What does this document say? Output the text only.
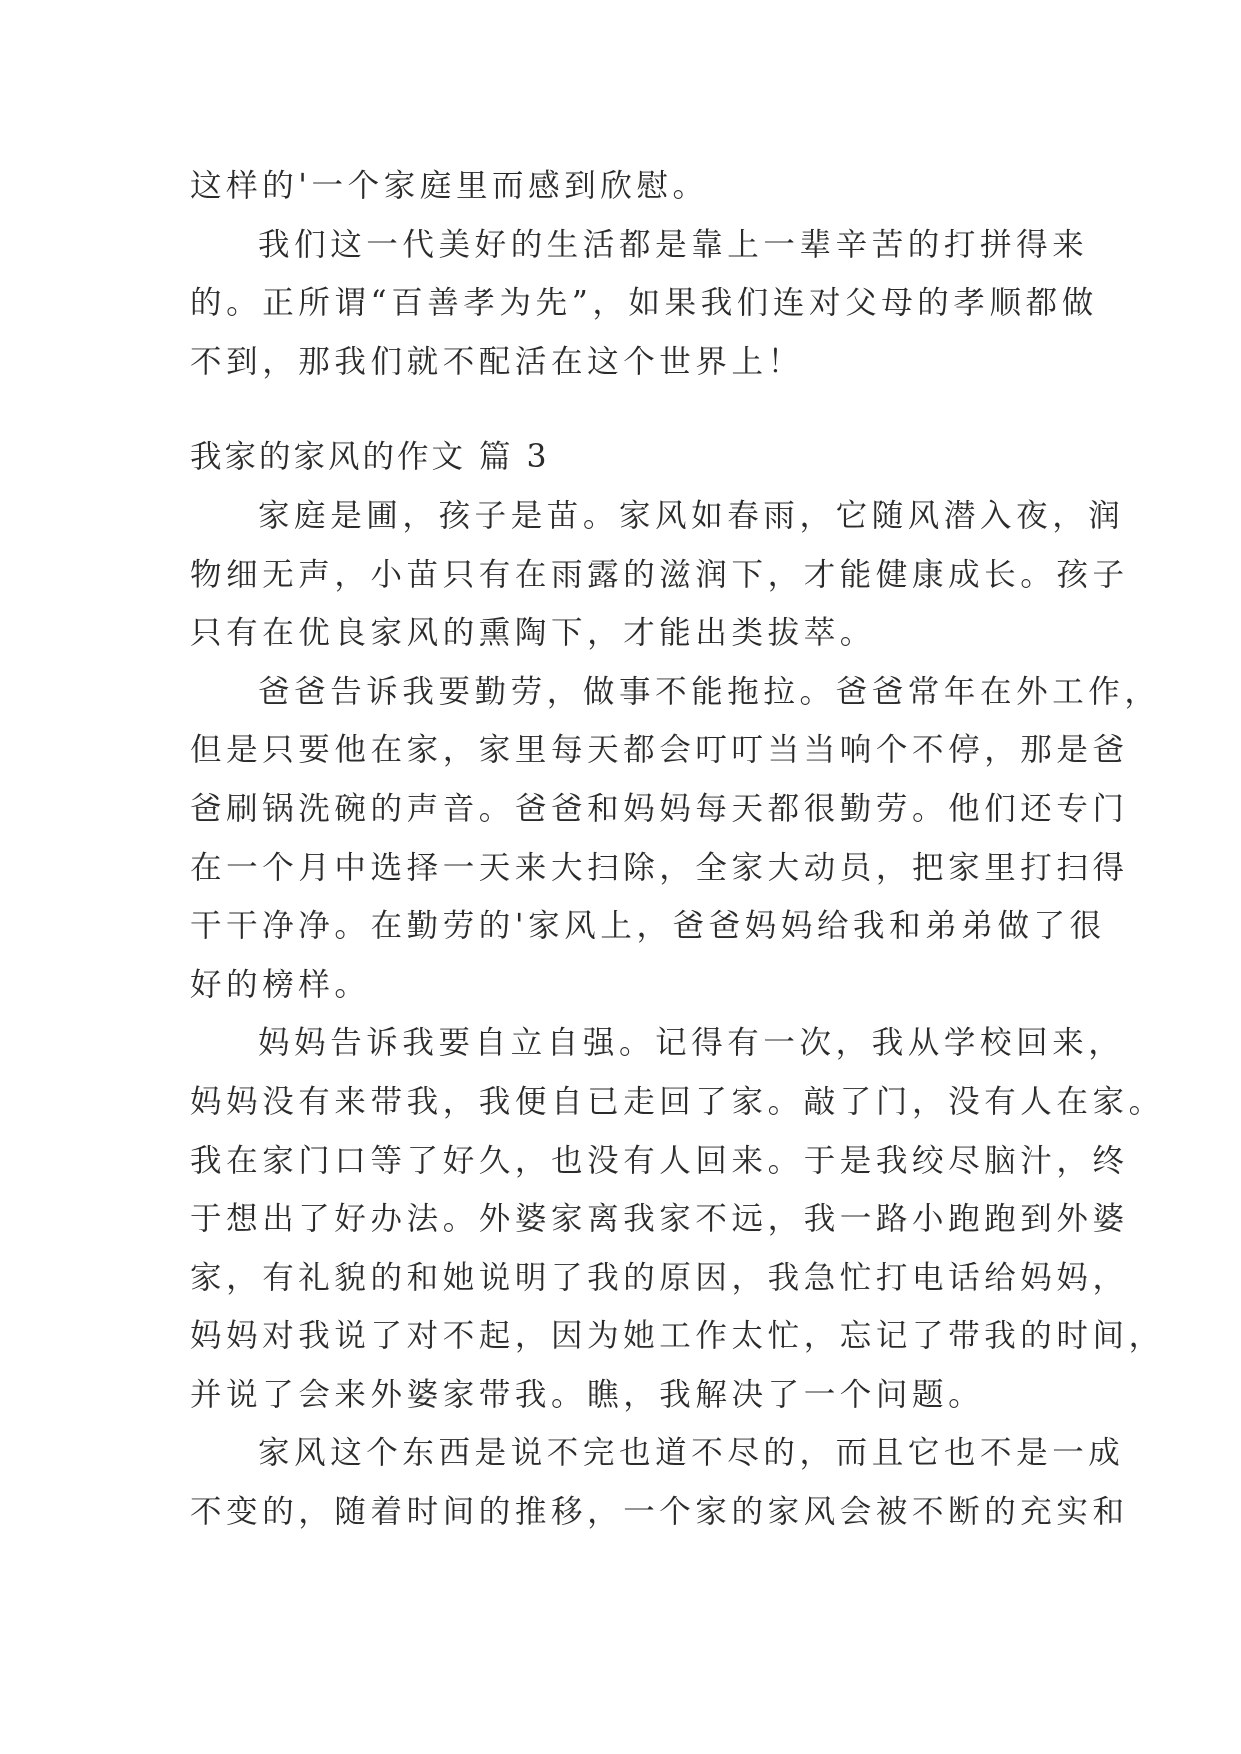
这样的'一个家庭里而感到欣慰。
我们这一代美好的生活都是靠上一辈辛苦的打拼得来
的。正所谓“百善孝为先”，如果我们连对父母的孝顺都做
不到，那我们就不配活在这个世界上！
我家的家风的作文 篇 3
家庭是圃，孩子是苗。家风如春雨，它随风潜入夜，润
物细无声，小苗只有在雨露的滋润下，才能健康成长。孩子
只有在优良家风的熏陶下，才能出类拔萃。
爸爸告诉我要勤劳，做事不能拖拉。爸爸常年在外工作，
但是只要他在家，家里每天都会叮叮当当响个不停，那是爸
爸刷锅洗碗的声音。爸爸和妈妈每天都很勤劳。他们还专门
在一个月中选择一天来大扫除，全家大动员，把家里打扫得
干干净净。在勤劳的'家风上，爸爸妈妈给我和弟弟做了很
好的榜样。
妈妈告诉我要自立自强。记得有一次，我从学校回来，
妈妈没有来带我，我便自已走回了家。敲了门，没有人在家。
我在家门口等了好久，也没有人回来。于是我绞尽脑汁，终
于想出了好办法。外婆家离我家不远，我一路小跑跑到外婆
家，有礼貌的和她说明了我的原因，我急忙打电话给妈妈，
妈妈对我说了对不起，因为她工作太忙，忘记了带我的时间，
并说了会来外婆家带我。瞧，我解决了一个问题。
家风这个东西是说不完也道不尽的，而且它也不是一成
不变的，随着时间的推移，一个家的家风会被不断的充实和
